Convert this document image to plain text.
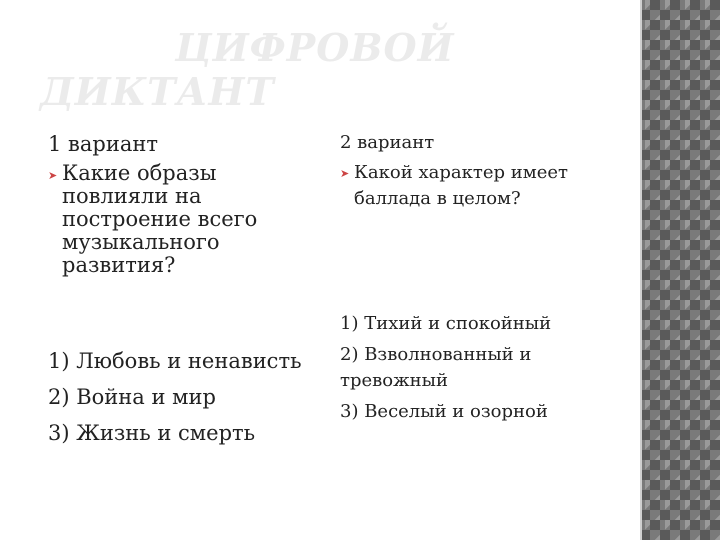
ЦИФРОВОЙ
ДИКТАНТ
1 вариант
➤ Какие образы повлияли на построение всего музыкального развития?
1) Любовь и ненависть
2) Война и мир
3) Жизнь и смерть
2 вариант
➤ Какой характер имеет баллада в целом?
1) Тихий и спокойный
2) Взволнованный и тревожный
3) Веселый и озорной
